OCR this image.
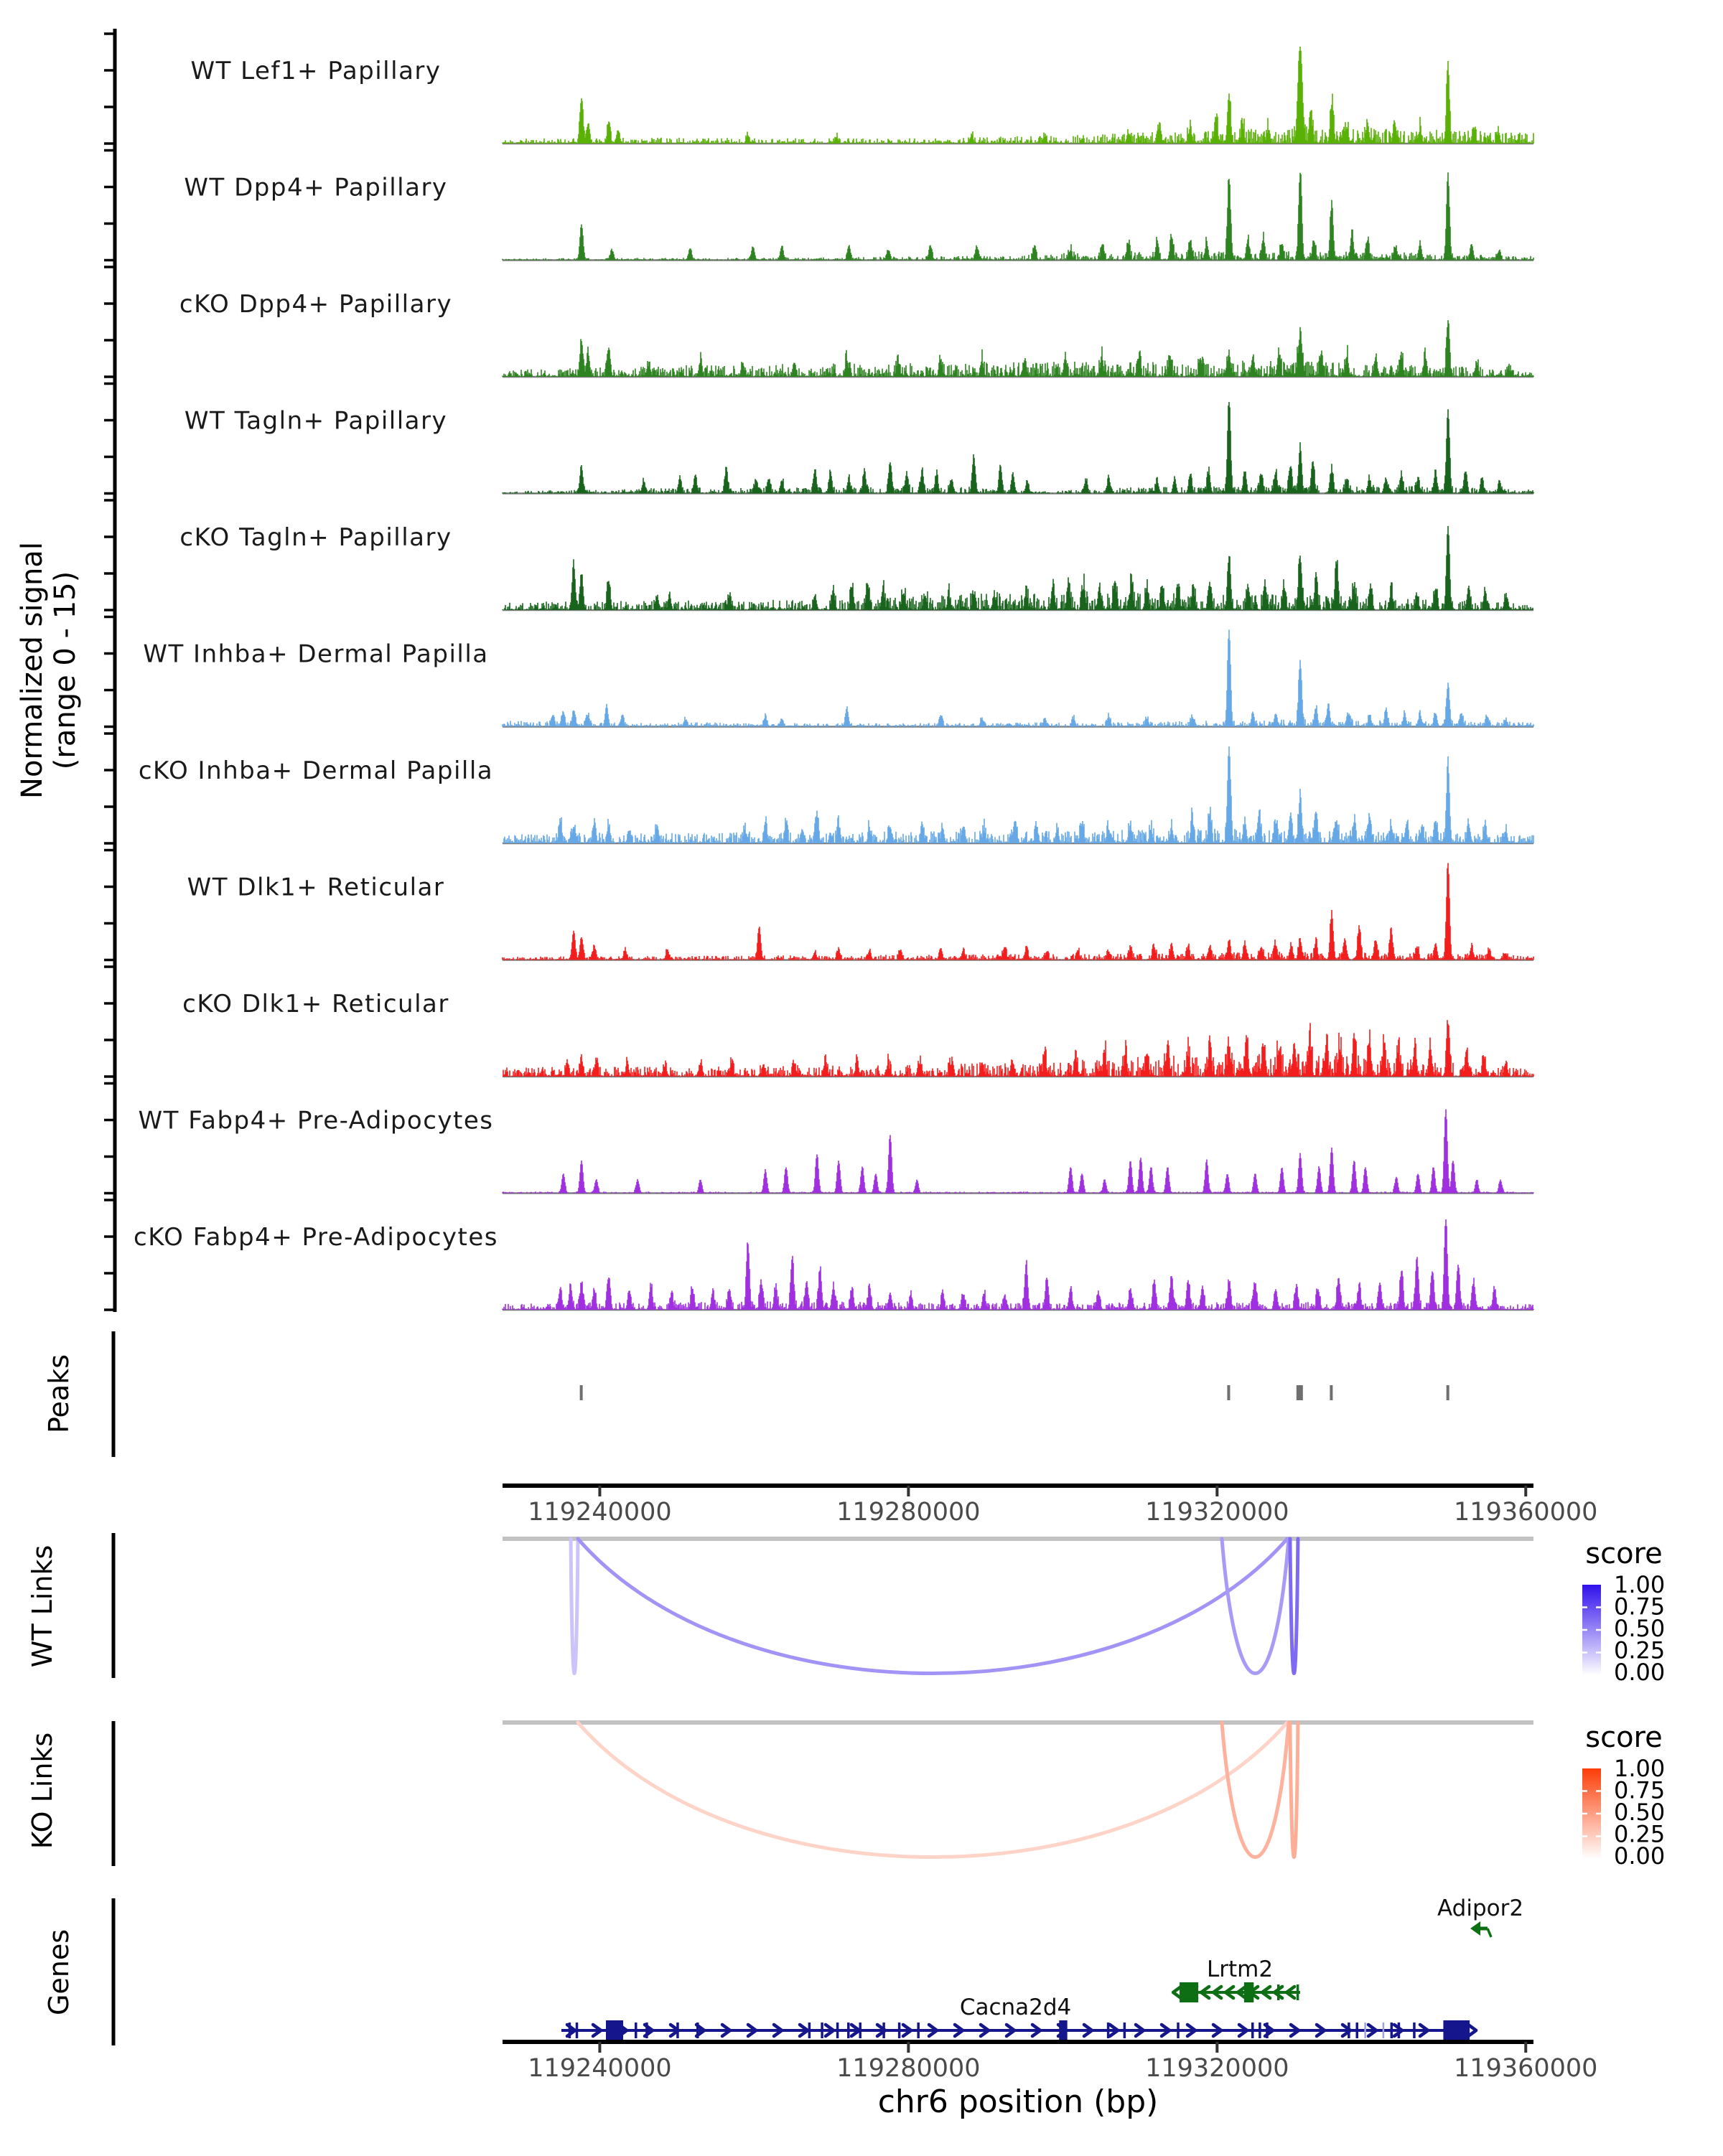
WT Lef1+ Papillary
WT Dpp4+ Papillary
cKO Dpp4+ Papillary
WT Tagln+ Papillary
cKO Tagln+ Papillary
WT Inhba+ Dermal Papilla
cKO Inhba+ Dermal Papilla
WT Dlk1+ Reticular
cKO Dlk1+ Reticular
WT Fabp4+ Pre-Adipocytes
cKO Fabp4+ Pre-Adipocytes
Normalized signal (range 0 - 15)
Peaks
119240000	119280000	119320000	119360000
score
1.00
0.75
0.50
0.25
0.00
WT Links
score
1.00
0.75
0.50
0.25
0.00
KO Links
Adipor2
Lrtm2
Cacna2d4
Genes
119240000	119280000	119320000	119360000
chr6 position (bp)
